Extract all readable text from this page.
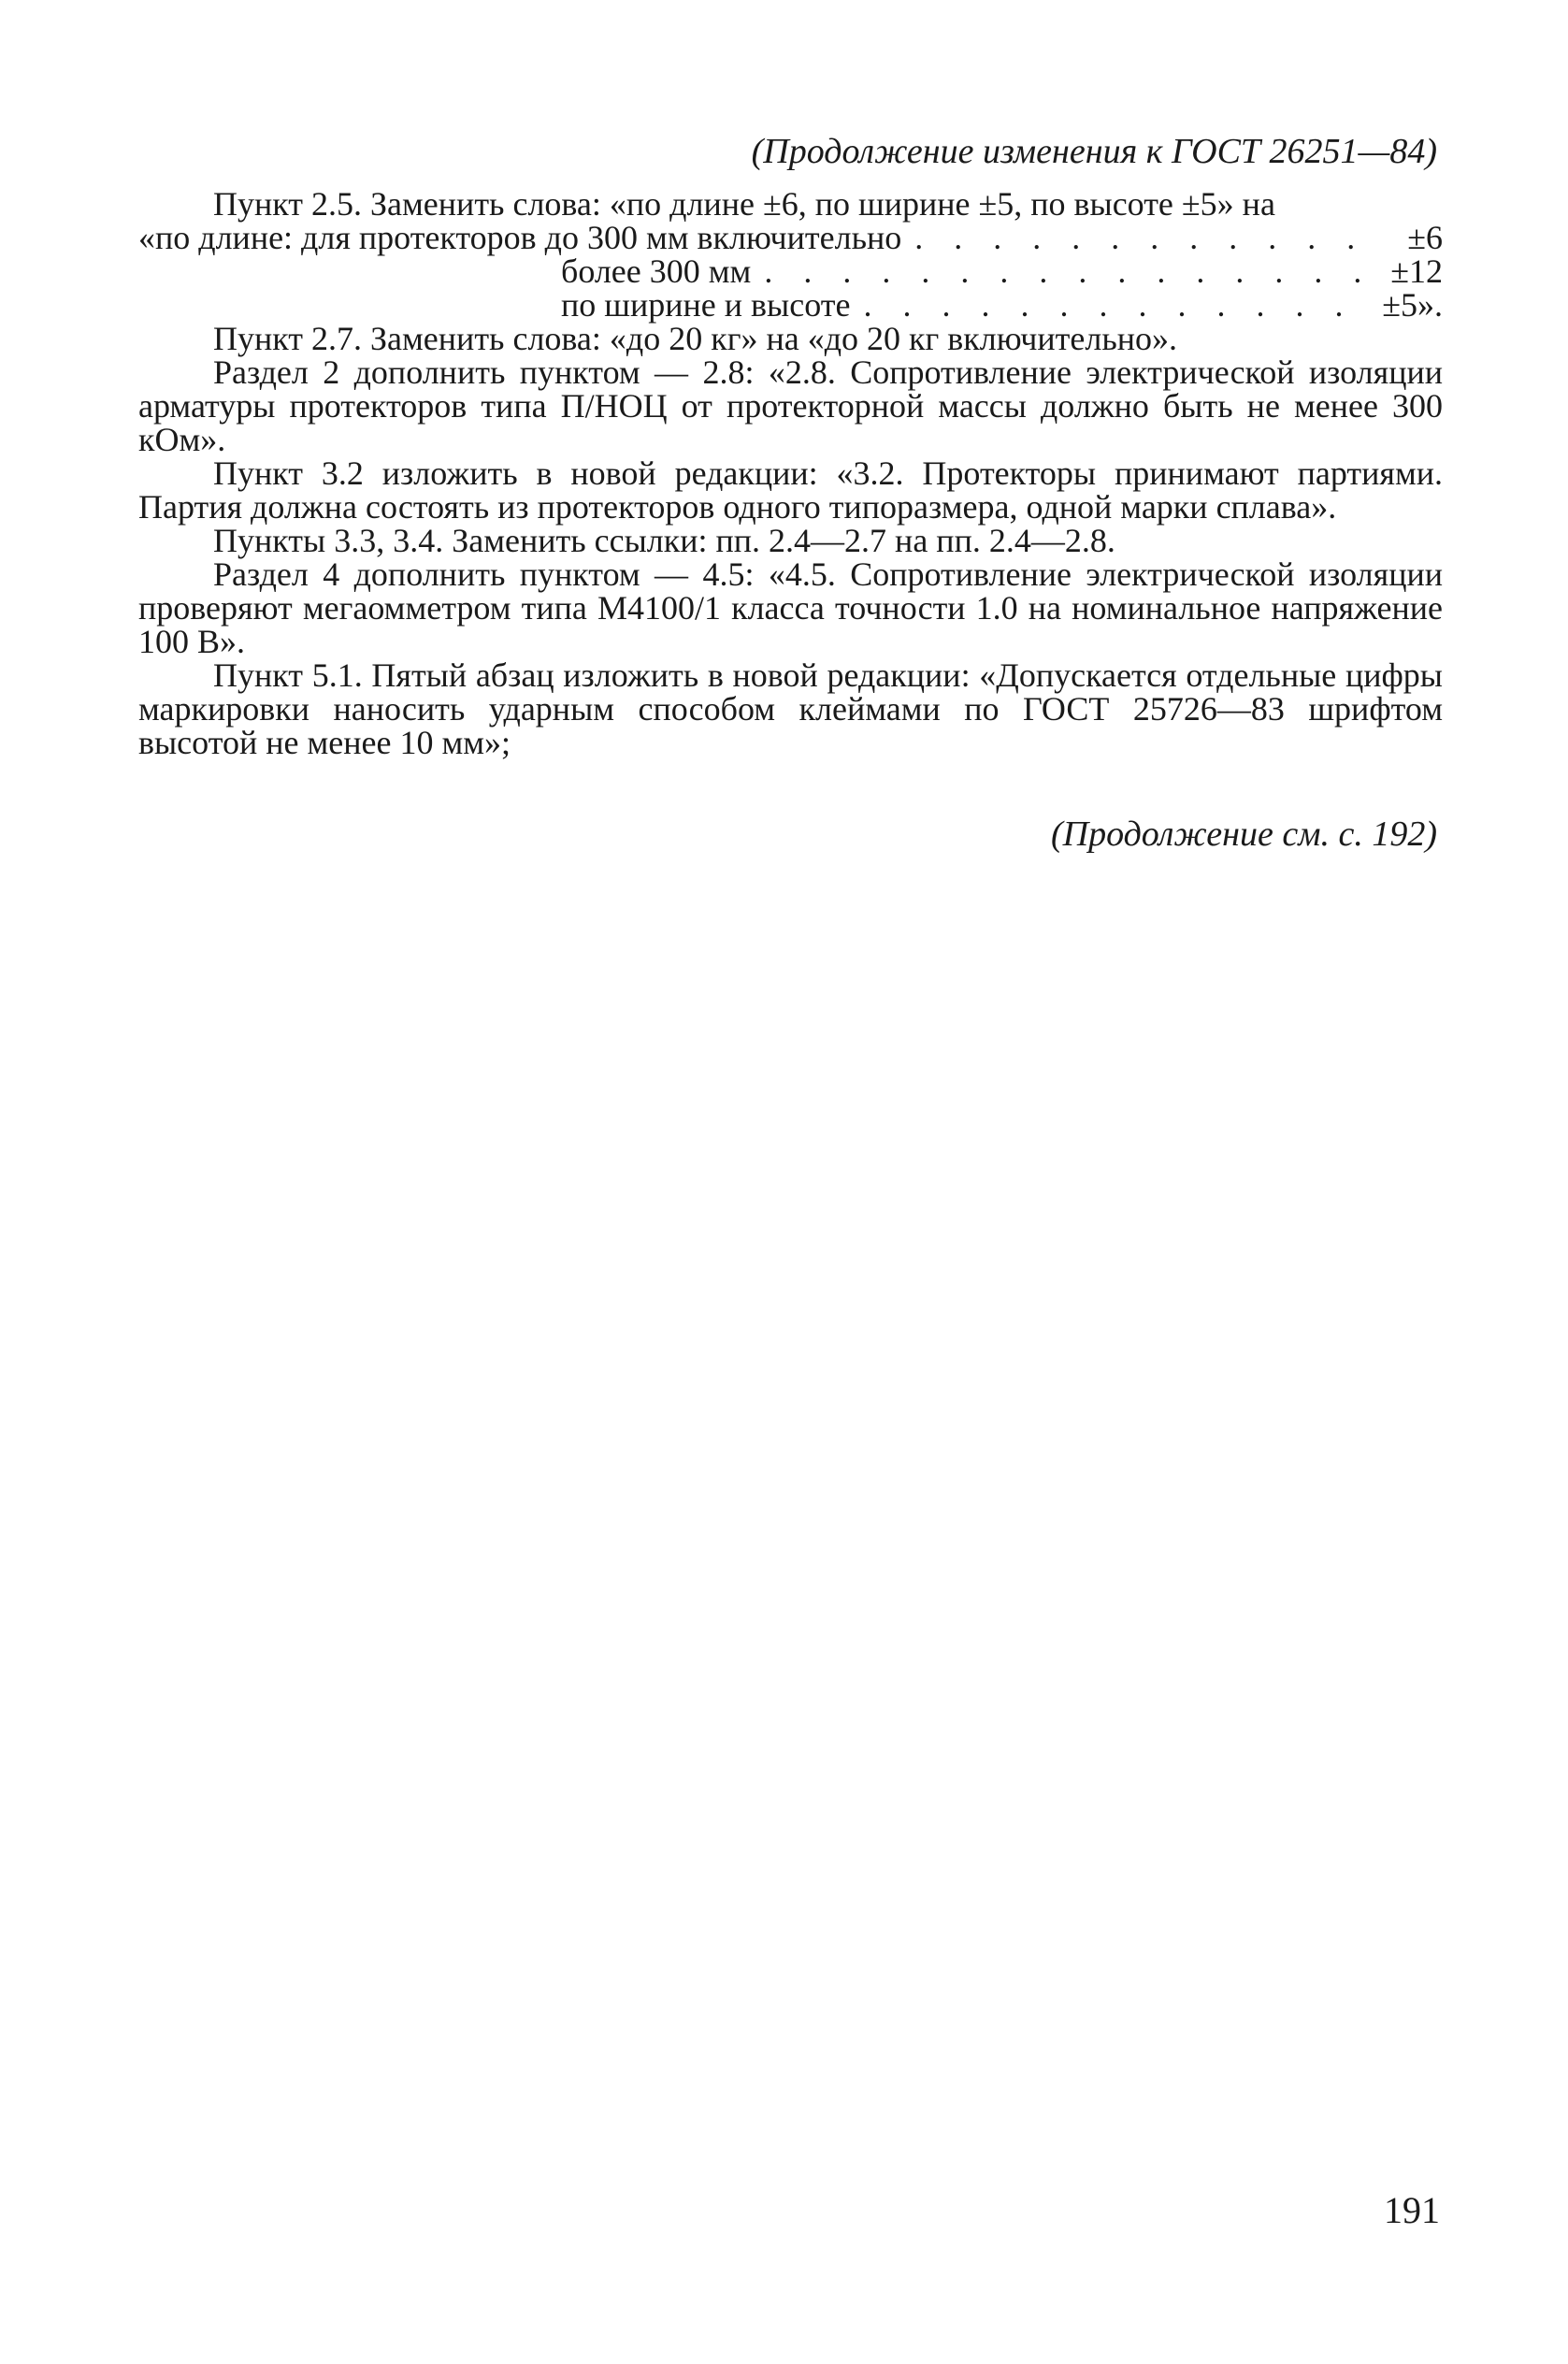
(Продолжение изменения к ГОСТ 26251—84)

Пункт 2.5. Заменить слова: «по длине ±6, по ширине ±5, по высоте ±5» на

«по длине: для протекторов до 300 мм включительно . . .	±6
более 300 мм . . .	±12
по ширине и высоте . . .	±5».

Пункт 2.7. Заменить слова: «до 20 кг» на «до 20 кг включительно».

Раздел 2 дополнить пунктом — 2.8: «2.8. Сопротивление электрической изоляции арматуры протекторов типа П/НОЦ от протекторной массы должно быть не менее 300 кОм».

Пункт 3.2 изложить в новой редакции: «3.2. Протекторы принимают партиями. Партия должна состоять из протекторов одного типоразмера, одной марки сплава».

Пункты 3.3, 3.4. Заменить ссылки: пп. 2.4—2.7 на пп. 2.4—2.8.

Раздел 4 дополнить пунктом — 4.5: «4.5. Сопротивление электрической изоляции проверяют мегаомметром типа М4100/1 класса точности 1.0 на номинальное напряжение 100 В».

Пункт 5.1. Пятый абзац изложить в новой редакции: «Допускается отдельные цифры маркировки наносить ударным способом клеймами по ГОСТ 25726—83 шрифтом высотой не менее 10 мм»;

(Продолжение см. с. 192)
191
